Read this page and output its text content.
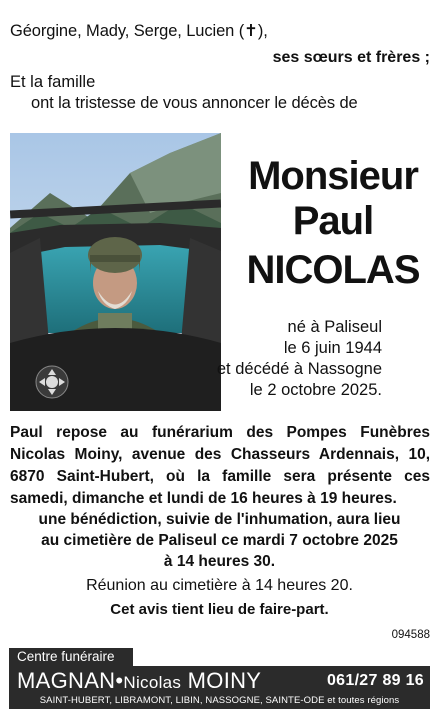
Géorgine, Mady, Serge, Lucien (✝),
ses sœurs et frères ;
Et la famille
ont la tristesse de vous annoncer le décès de
Monsieur
Paul
NICOLAS
né à Paliseul
le 6 juin 1944
et décédé à Nassogne
le 2 octobre 2025.
Paul repose au funérarium des Pompes Funèbres Nicolas Moiny, avenue des Chasseurs Ardennais, 10, 6870 Saint-Hubert, où la famille sera présente ces samedi, dimanche et lundi de 16 heures à 19 heures.
une bénédiction, suivie de l'inhumation, aura lieu
au cimetière de Paliseul ce mardi 7 octobre 2025
à 14 heures 30.
Réunion au cimetière à 14 heures 20.
Cet avis tient lieu de faire-part.
094588
Centre funéraire
MAGNAN•Nicolas MOINY	061/27 89 16
SAINT-HUBERT, LIBRAMONT, LIBIN, NASSOGNE, SAINTE-ODE et toutes régions
